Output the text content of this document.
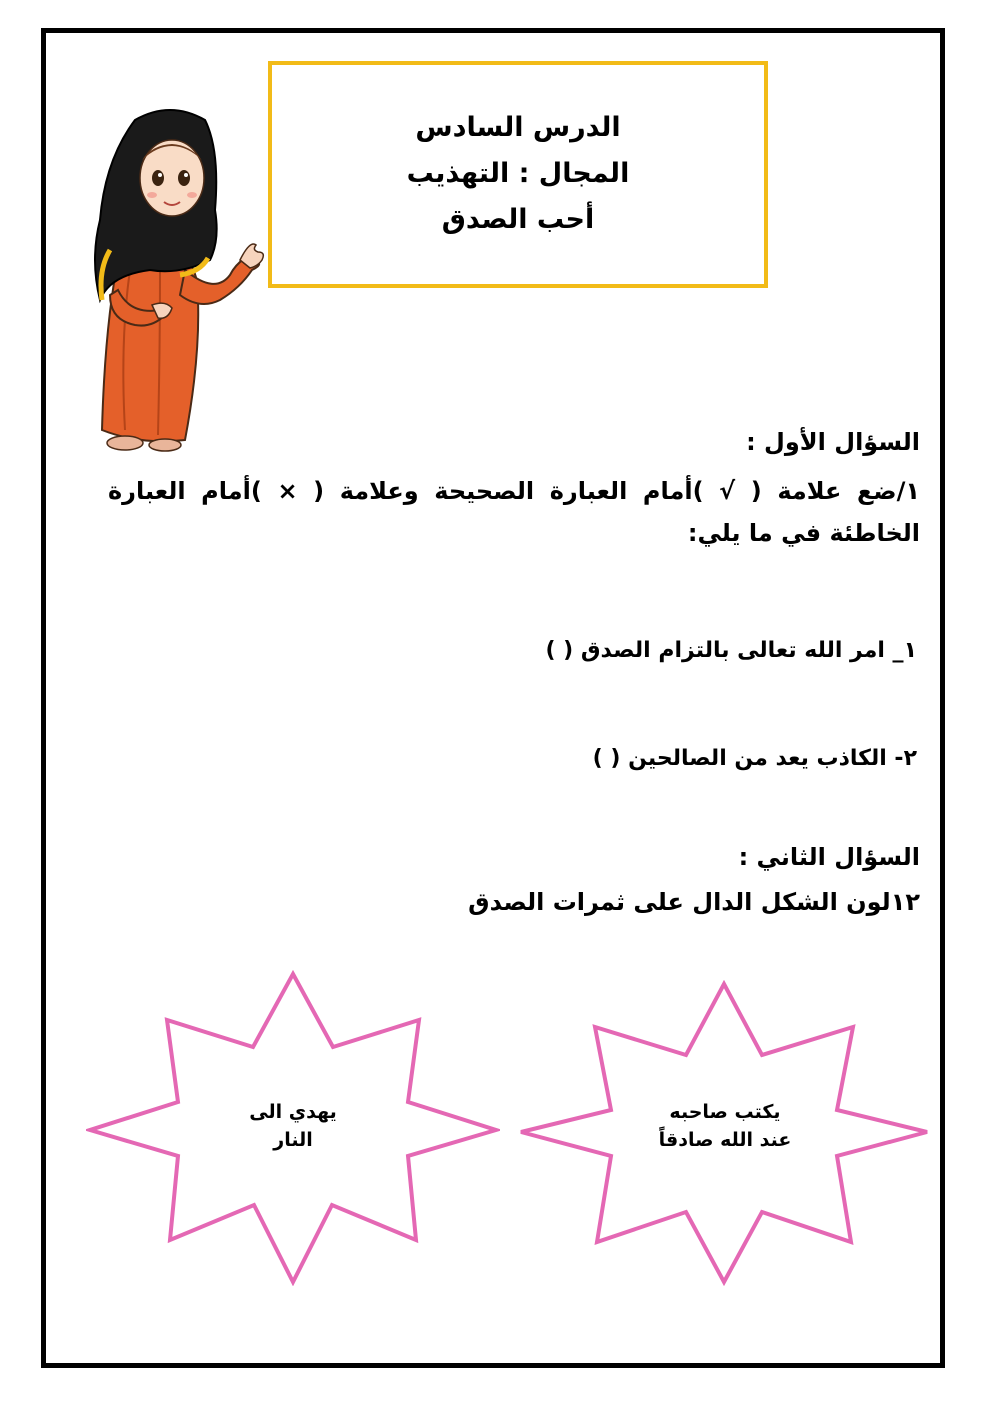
الدرس السادس
المجال : التهذيب
أحب الصدق
السؤال الأول :
١/ضع علامة ( √ )أمام العبارة الصحيحة وعلامة ( × )أمام العبارة الخاطئة في ما يلي:
١_ امر الله تعالى بالتزام الصدق ( )
٢- الكاذب يعد من الصالحين ( )
السؤال الثاني :
١٢لون الشكل الدال على ثمرات الصدق
يهدي الى
النار
يكتب صاحبه
عند الله صادقاً
